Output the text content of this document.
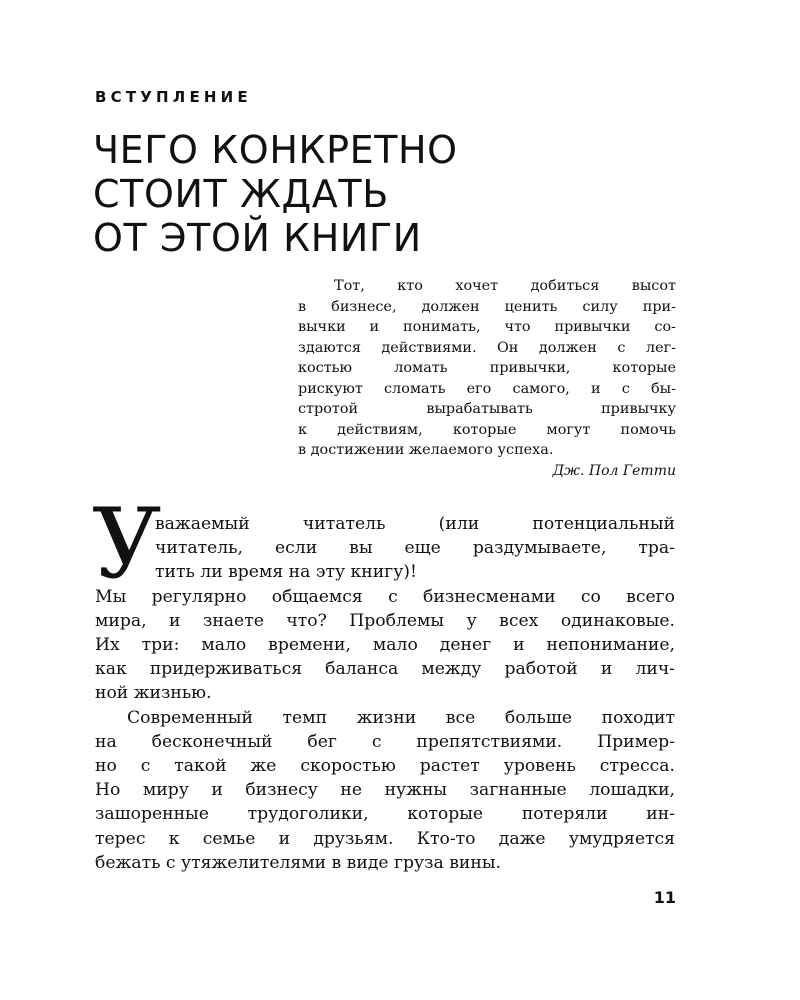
ВСТУПЛЕНИЕ
ЧЕГО КОНКРЕТНО
СТОИТ ЖДАТЬ
ОТ ЭТОЙ КНИГИ
Тот, кто хочет добиться высот
в бизнесе, должен ценить силу при-
вычки и понимать, что привычки со-
здаются действиями. Он должен с лег-
костью ломать привычки, которые
рискуют сломать его самого, и с бы-
стротой вырабатывать привычку
к действиям, которые могут помочь
в достижении желаемого успеха.
Дж. Пол Гетти
У
важаемый читатель (или потенциальный
читатель, если вы еще раздумываете, тра-
тить ли время на эту книгу)!
Мы регулярно общаемся с бизнесменами со всего
мира, и знаете что? Проблемы у всех одинаковые.
Их три: мало времени, мало денег и непонимание,
как придерживаться баланса между работой и лич-
ной жизнью.
Современный темп жизни все больше походит
на бесконечный бег с препятствиями. Пример-
но с такой же скоростью растет уровень стресса.
Но миру и бизнесу не нужны загнанные лошадки,
зашоренные трудоголики, которые потеряли ин-
терес к семье и друзьям. Кто-то даже умудряется
бежать с утяжелителями в виде груза вины.
11
